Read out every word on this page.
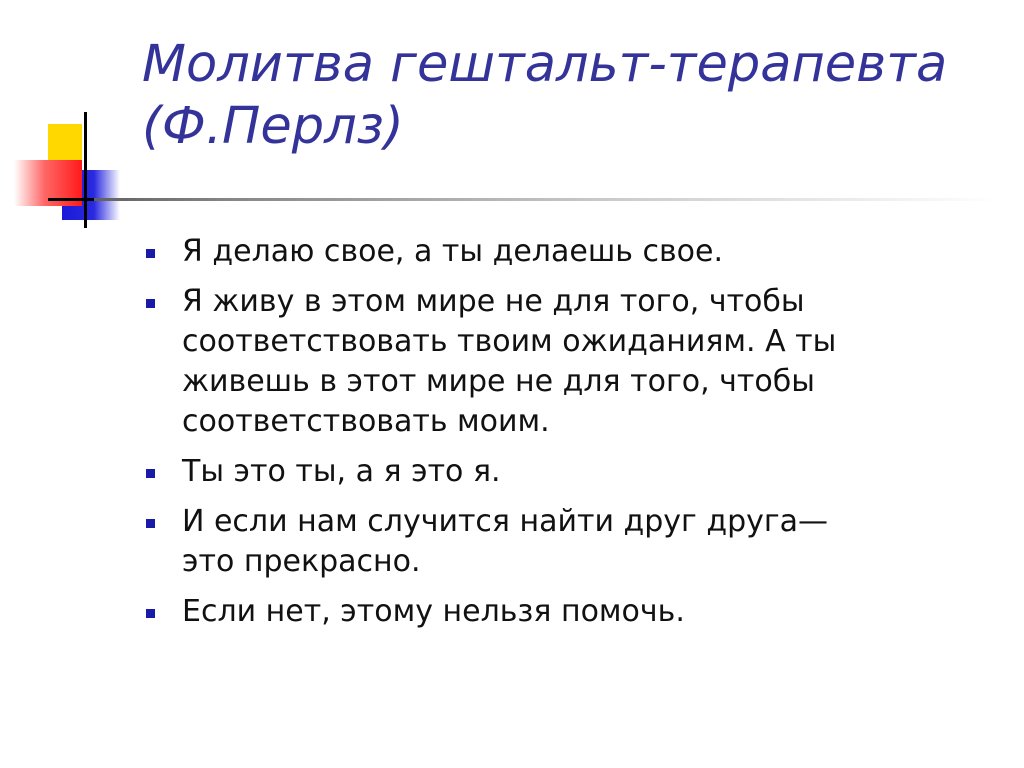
Молитва гештальт-терапевта
(Ф.Перлз)
Я делаю свое, а ты делаешь свое.
Я живу в этом мире не для того, чтобы
соответствовать твоим ожиданиям. А ты
живешь в этот мире не для того, чтобы
соответствовать моим.
Ты это ты, а я это я.
И если нам случится найти друг друга—
это прекрасно.
Если нет, этому нельзя помочь.
